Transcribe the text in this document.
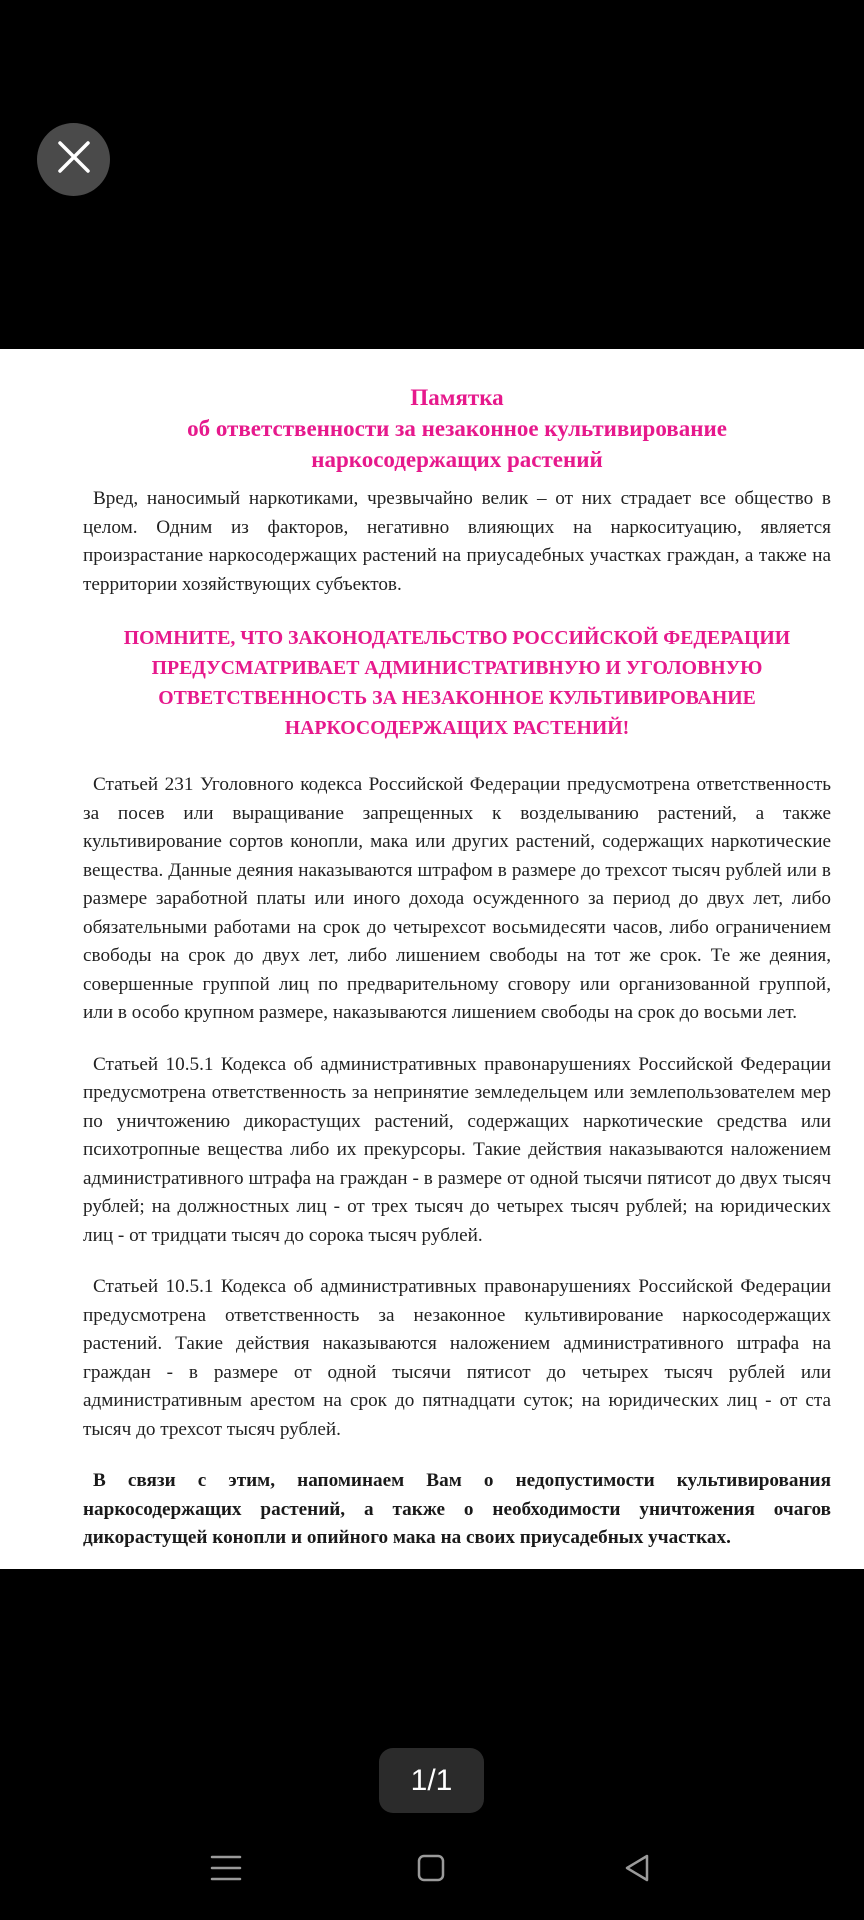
Памятка
об ответственности за незаконное культивирование
наркосодержащих растений

Вред, наносимый наркотиками, чрезвычайно велик – от них страдает все общество в целом. Одним из факторов, негативно влияющих на наркоситуацию, является произрастание наркосодержащих растений на приусадебных участках граждан, а также на территории хозяйствующих субъектов.

ПОМНИТЕ, ЧТО ЗАКОНОДАТЕЛЬСТВО РОССИЙСКОЙ ФЕДЕРАЦИИ
ПРЕДУСМАТРИВАЕТ АДМИНИСТРАТИВНУЮ И УГОЛОВНУЮ
ОТВЕТСТВЕННОСТЬ ЗА НЕЗАКОННОЕ КУЛЬТИВИРОВАНИЕ
НАРКОСОДЕРЖАЩИХ РАСТЕНИЙ!

Статьей 231 Уголовного кодекса Российской Федерации предусмотрена ответственность за посев или выращивание запрещенных к возделыванию растений, а также культивирование сортов конопли, мака или других растений, содержащих наркотические вещества. Данные деяния наказываются штрафом в размере до трехсот тысяч рублей или в размере заработной платы или иного дохода осужденного за период до двух лет, либо обязательными работами на срок до четырехсот восьмидесяти часов, либо ограничением свободы на срок до двух лет, либо лишением свободы на тот же срок. Те же деяния, совершенные группой лиц по предварительному сговору или организованной группой, или в особо крупном размере, наказываются лишением свободы на срок до восьми лет.

Статьей 10.5.1 Кодекса об административных правонарушениях Российской Федерации предусмотрена ответственность за непринятие земледельцем или землепользователем мер по уничтожению дикорастущих растений, содержащих наркотические средства или психотропные вещества либо их прекурсоры. Такие действия наказываются наложением административного штрафа на граждан - в размере от одной тысячи пятисот до двух тысяч рублей; на должностных лиц - от трех тысяч до четырех тысяч рублей; на юридических лиц - от тридцати тысяч до сорока тысяч рублей.

Статьей 10.5.1 Кодекса об административных правонарушениях Российской Федерации предусмотрена ответственность за незаконное культивирование наркосодержащих растений. Такие действия наказываются наложением административного штрафа на граждан - в размере от одной тысячи пятисот до четырех тысяч рублей или административным арестом на срок до пятнадцати суток; на юридических лиц - от ста тысяч до трехсот тысяч рублей.

В связи с этим, напоминаем Вам о недопустимости культивирования наркосодержащих растений, а также о необходимости уничтожения очагов дикорастущей конопли и опийного мака на своих приусадебных участках.

1/1
